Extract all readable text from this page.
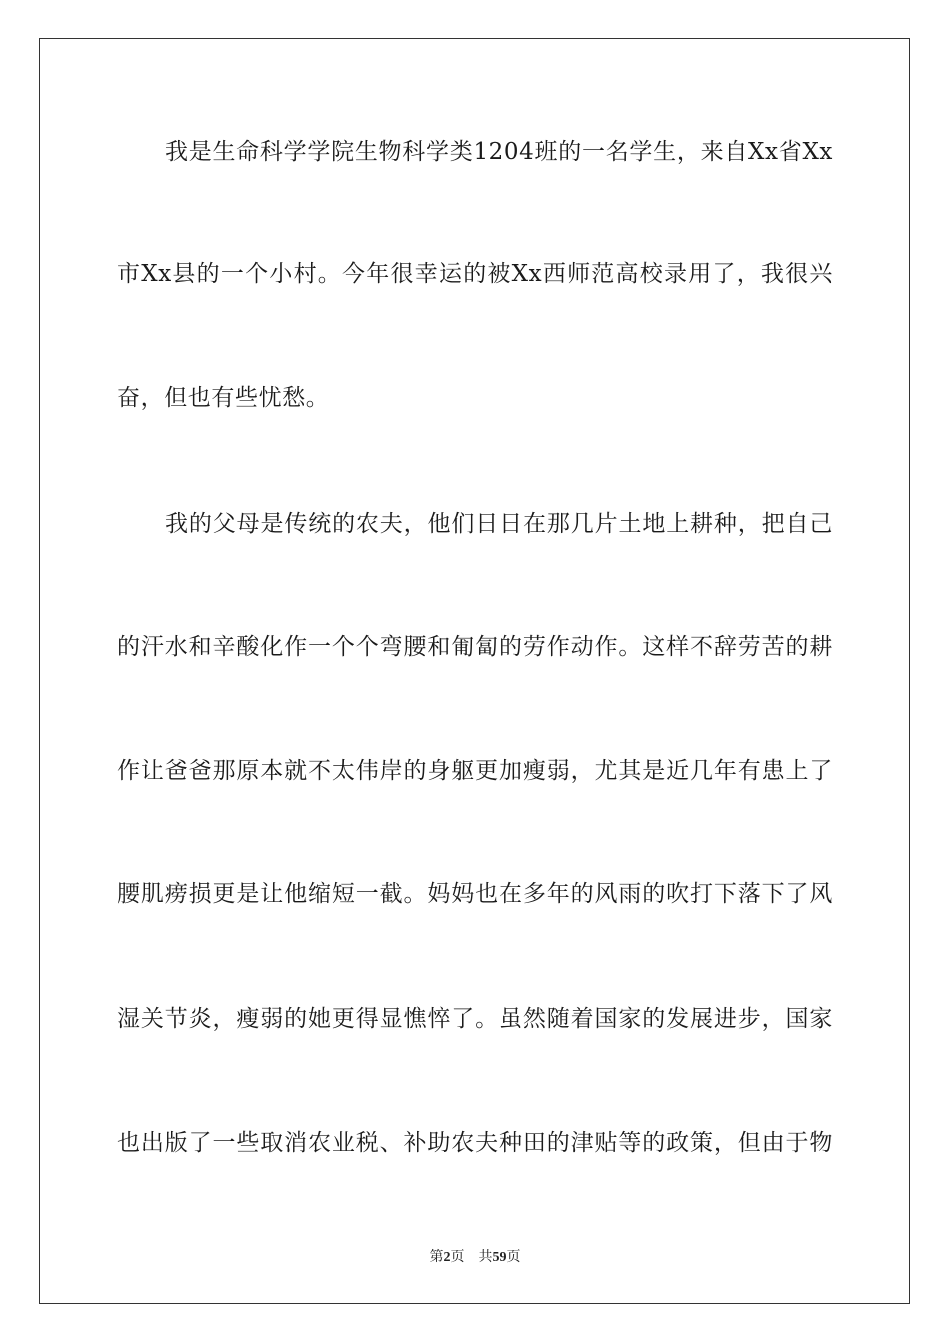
我是生命科学学院生物科学类1204班的一名学生，来自Xx省Xx
市Xx县的一个小村。今年很幸运的被Xx西师范高校录用了，我很兴
奋，但也有些忧愁。
我的父母是传统的农夫，他们日日在那几片土地上耕种，把自己
的汗水和辛酸化作一个个弯腰和匍匐的劳作动作。这样不辞劳苦的耕
作让爸爸那原本就不太伟岸的身躯更加瘦弱，尤其是近几年有患上了
腰肌痨损更是让他缩短一截。妈妈也在多年的风雨的吹打下落下了风
湿关节炎，瘦弱的她更得显憔悴了。虽然随着国家的发展进步，国家
也出版了一些取消农业税、补助农夫种田的津贴等的政策，但由于物
第2页 共59页
